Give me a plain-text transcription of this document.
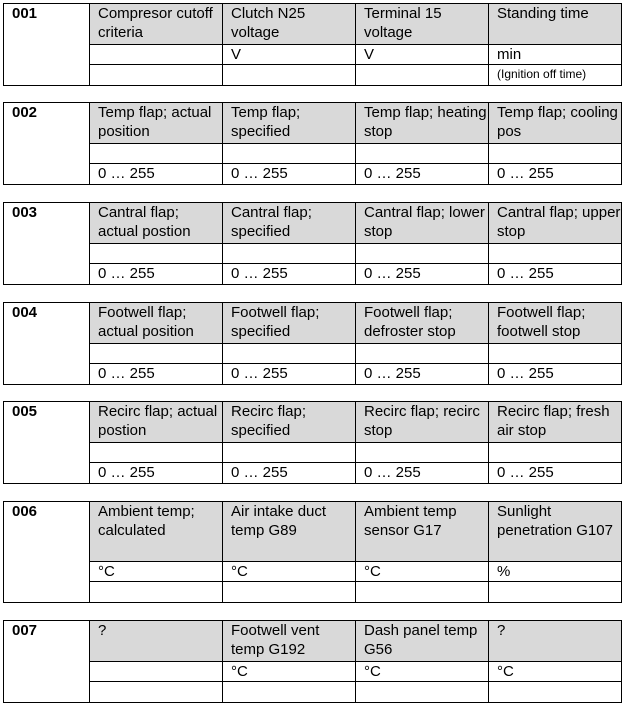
001	Compresor cutoff criteria	Clutch N25 voltage	Terminal 15 voltage	Standing time
		V	V	min
				(Ignition off time)
002	Temp flap; actual position	Temp flap; specified	Temp flap; heating stop	Temp flap; cooling pos

	0 … 255	0 … 255	0 … 255	0 … 255
003	Cantral flap; actual postion	Cantral flap; specified	Cantral flap; lower stop	Cantral flap; upper stop

	0 … 255	0 … 255	0 … 255	0 … 255
004	Footwell flap; actual position	Footwell flap; specified	Footwell flap; defroster stop	Footwell flap; footwell stop

	0 … 255	0 … 255	0 … 255	0 … 255
005	Recirc flap; actual postion	Recirc flap; specified	Recirc flap; recirc stop	Recirc flap; fresh air stop

	0 … 255	0 … 255	0 … 255	0 … 255
006	Ambient temp; calculated	Air intake duct temp G89	Ambient temp sensor G17	Sunlight penetration G107
	°C	°C	°C	%

007	?	Footwell vent temp G192	Dash panel temp G56	?
		°C	°C	°C
